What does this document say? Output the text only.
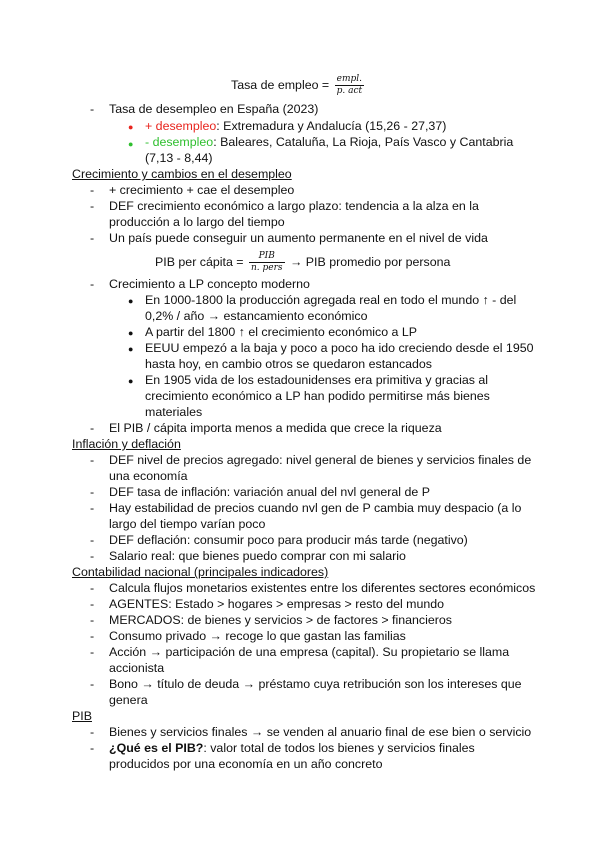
Tasa de empleo = $\frac{\text{empl.}}{\text{p. act}}$
- Tasa de desempleo en España (2023)
● + desempleo: Extremadura y Andalucía (15,26 - 27,37)
● - desempleo: Baleares, Cataluña, La Rioja, País Vasco y Cantabria
(7,13 - 8,44)
Crecimiento y cambios en el desempleo
- + crecimiento + cae el desempleo
- DEF crecimiento económico a largo plazo: tendencia a la alza en la
producción a lo largo del tiempo
- Un país puede conseguir un aumento permanente en el nivel de vida
PIB per cápita = $\frac{\text{PIB}}{\text{n. pers}}$ → PIB promedio por persona
- Crecimiento a LP concepto moderno
● En 1000-1800 la producción agregada real en todo el mundo ↑ - del
0,2% / año → estancamiento económico
● A partir del 1800 ↑ el crecimiento económico a LP
● EEUU empezó a la baja y poco a poco ha ido creciendo desde el 1950
hasta hoy, en cambio otros se quedaron estancados
● En 1905 vida de los estadounidenses era primitiva y gracias al
crecimiento económico a LP han podido permitirse más bienes
materiales
- El PIB / cápita importa menos a medida que crece la riqueza
Inflación y deflación
- DEF nivel de precios agregado: nivel general de bienes y servicios finales de
una economía
- DEF tasa de inflación: variación anual del nvl general de P
- Hay estabilidad de precios cuando nvl gen de P cambia muy despacio (a lo
largo del tiempo varían poco
- DEF deflación: consumir poco para producir más tarde (negativo)
- Salario real: que bienes puedo comprar con mi salario
Contabilidad nacional (principales indicadores)
- Calcula flujos monetarios existentes entre los diferentes sectores económicos
- AGENTES: Estado > hogares > empresas > resto del mundo
- MERCADOS: de bienes y servicios > de factores > financieros
- Consumo privado → recoge lo que gastan las familias
- Acción → participación de una empresa (capital). Su propietario se llama
accionista
- Bono → título de deuda → préstamo cuya retribución son los intereses que
genera
PIB
- Bienes y servicios finales → se venden al anuario final de ese bien o servicio
- ¿Qué es el PIB?: valor total de todos los bienes y servicios finales
producidos por una economía en un año concreto
